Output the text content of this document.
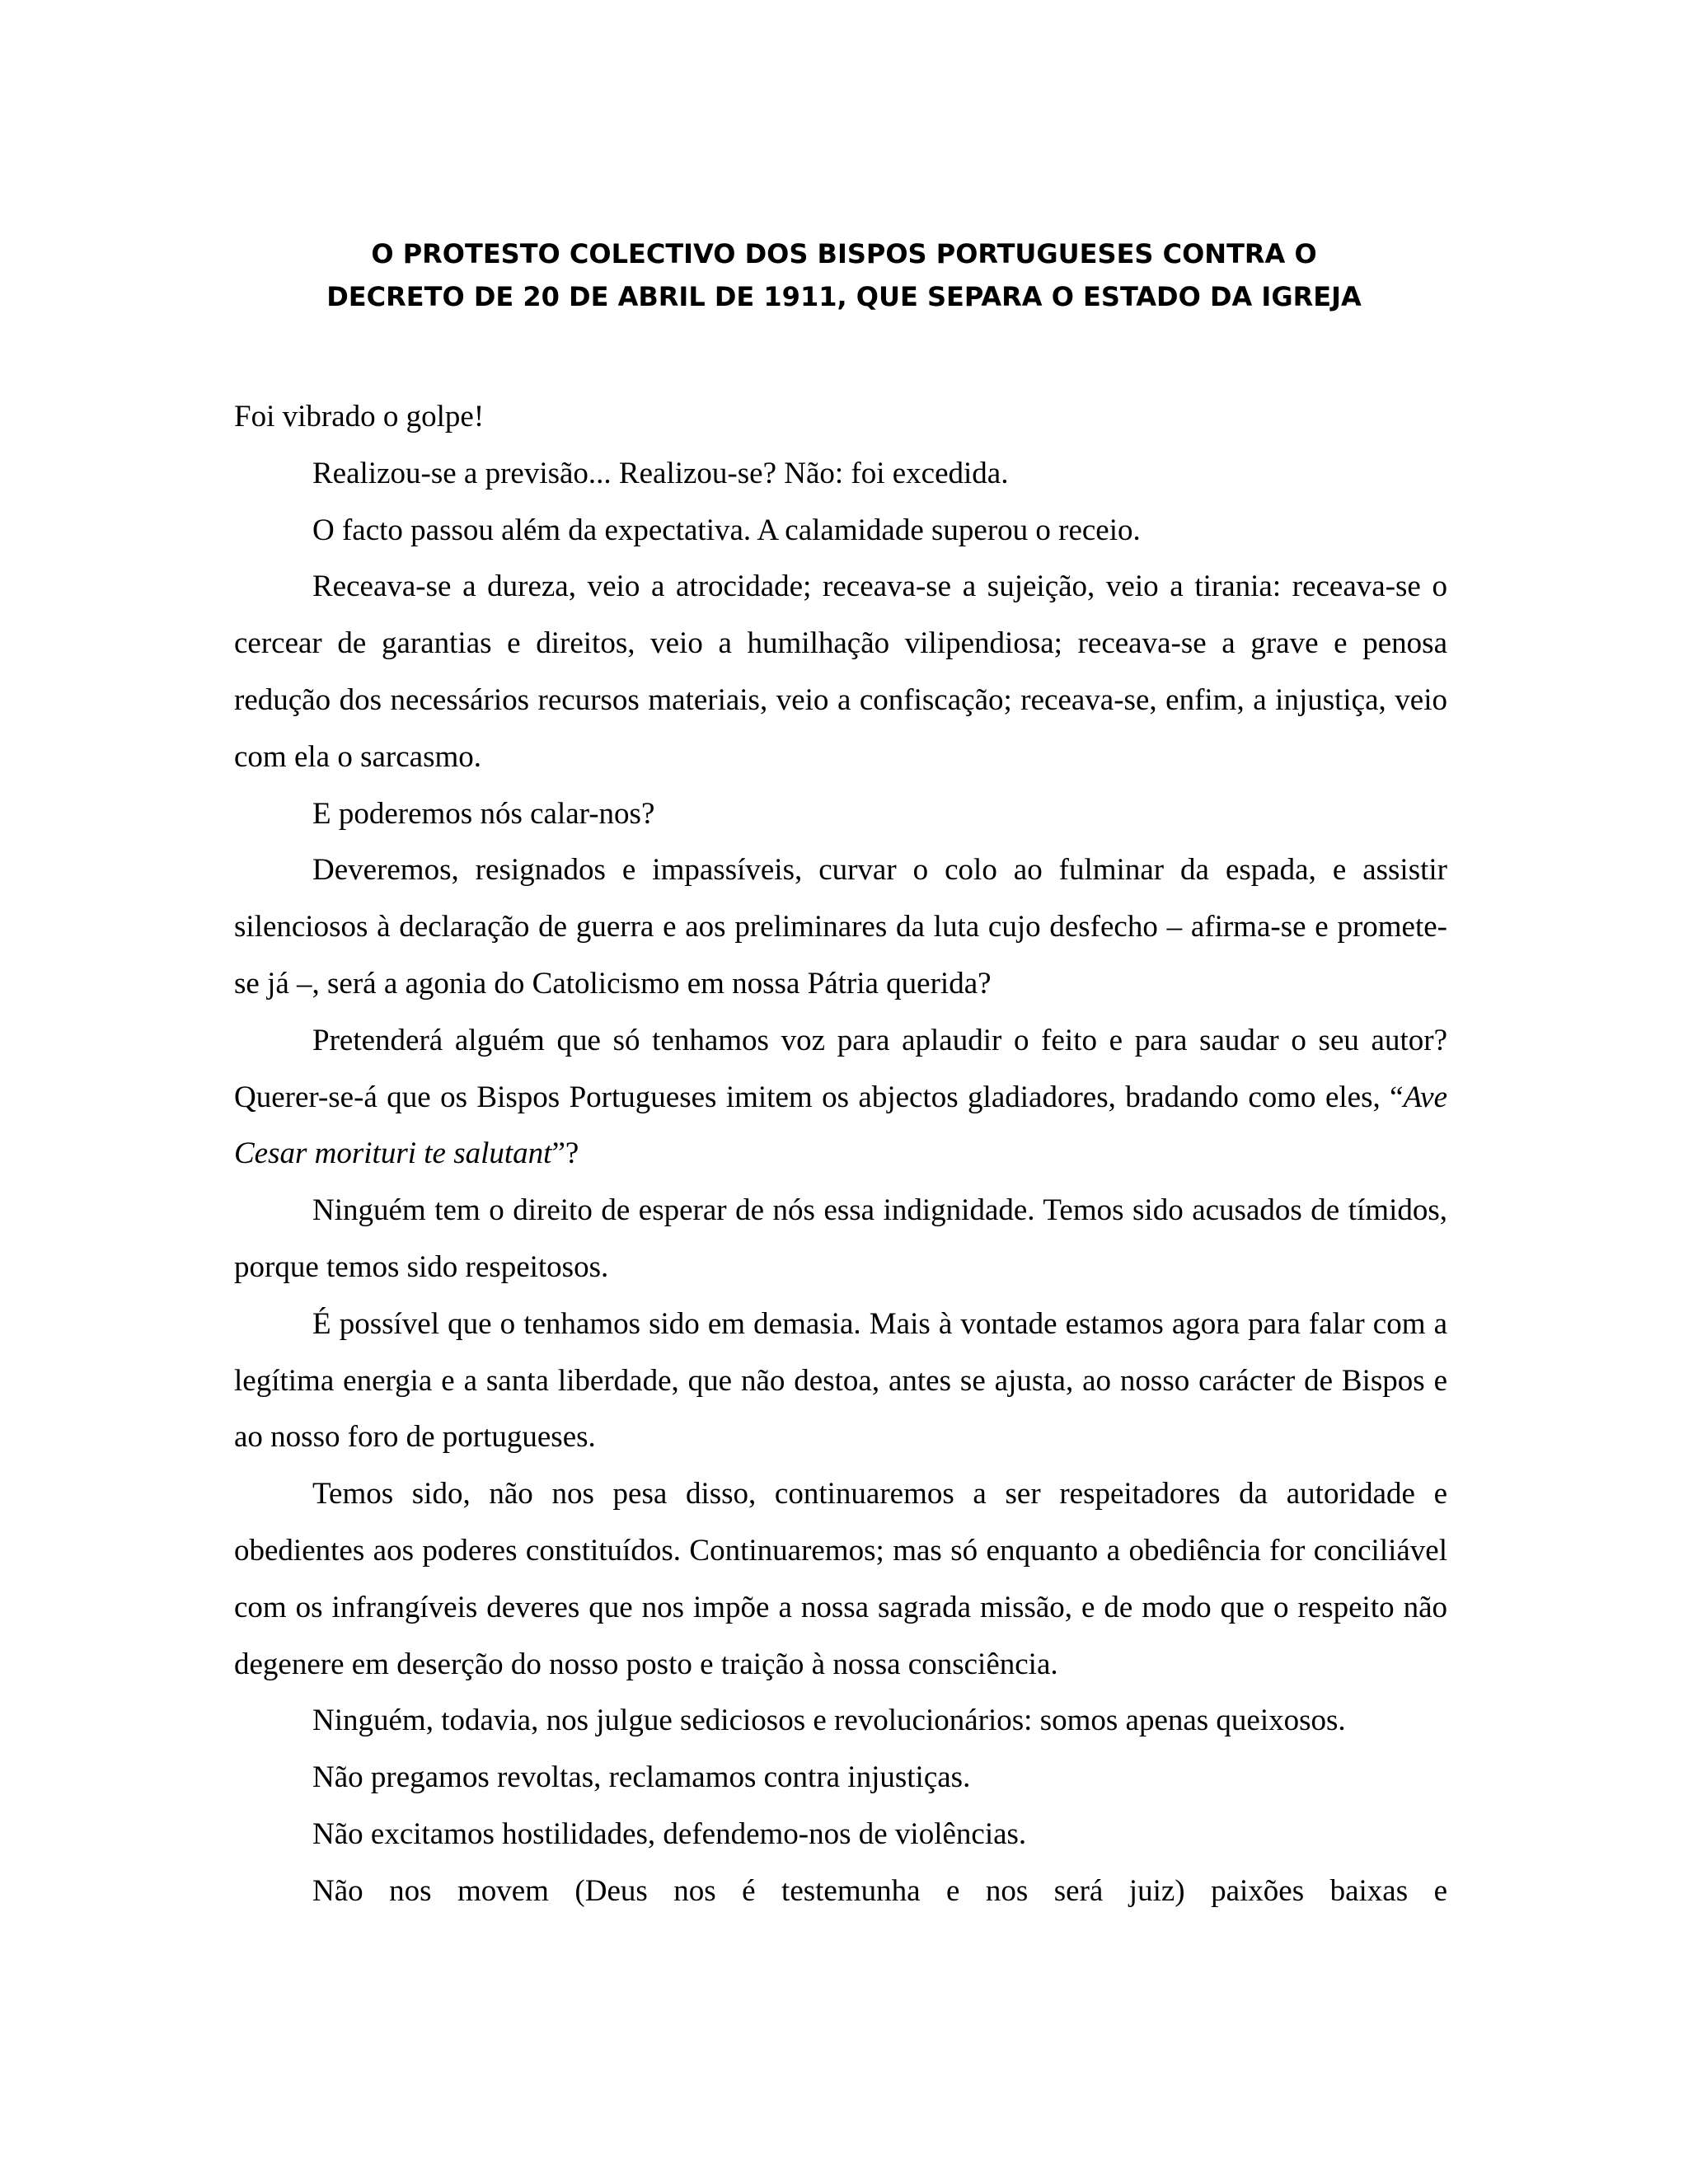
O PROTESTO COLECTIVO DOS BISPOS PORTUGUESES CONTRA O
DECRETO DE 20 DE ABRIL DE 1911, QUE SEPARA O ESTADO DA IGREJA

Foi vibrado o golpe!

Realizou-se a previsão... Realizou-se? Não: foi excedida.

O facto passou além da expectativa. A calamidade superou o receio.

Receava-se a dureza, veio a atrocidade; receava-se a sujeição, veio a tirania: receava-se o cercear de garantias e direitos, veio a humilhação vilipendiosa; receava-se a grave e penosa redução dos necessários recursos materiais, veio a confiscação; receava-se, enfim, a injustiça, veio com ela o sarcasmo.

E poderemos nós calar-nos?

Deveremos, resignados e impassíveis, curvar o colo ao fulminar da espada, e assistir silenciosos à declaração de guerra e aos preliminares da luta cujo desfecho – afirma-se e promete-se já –, será a agonia do Catolicismo em nossa Pátria querida?

Pretenderá alguém que só tenhamos voz para aplaudir o feito e para saudar o seu autor? Querer-se-á que os Bispos Portugueses imitem os abjectos gladiadores, bradando como eles, “Ave Cesar morituri te salutant”?

Ninguém tem o direito de esperar de nós essa indignidade. Temos sido acusados de tímidos, porque temos sido respeitosos.

É possível que o tenhamos sido em demasia. Mais à vontade estamos agora para falar com a legítima energia e a santa liberdade, que não destoa, antes se ajusta, ao nosso carácter de Bispos e ao nosso foro de portugueses.

Temos sido, não nos pesa disso, continuaremos a ser respeitadores da autoridade e obedientes aos poderes constituídos. Continuaremos; mas só enquanto a obediência for conciliável com os infrangíveis deveres que nos impõe a nossa sagrada missão, e de modo que o respeito não degenere em deserção do nosso posto e traição à nossa consciência.

Ninguém, todavia, nos julgue sediciosos e revolucionários: somos apenas queixosos.

Não pregamos revoltas, reclamamos contra injustiças.

Não excitamos hostilidades, defendemo-nos de violências.

Não nos movem (Deus nos é testemunha e nos será juiz) paixões baixas e
